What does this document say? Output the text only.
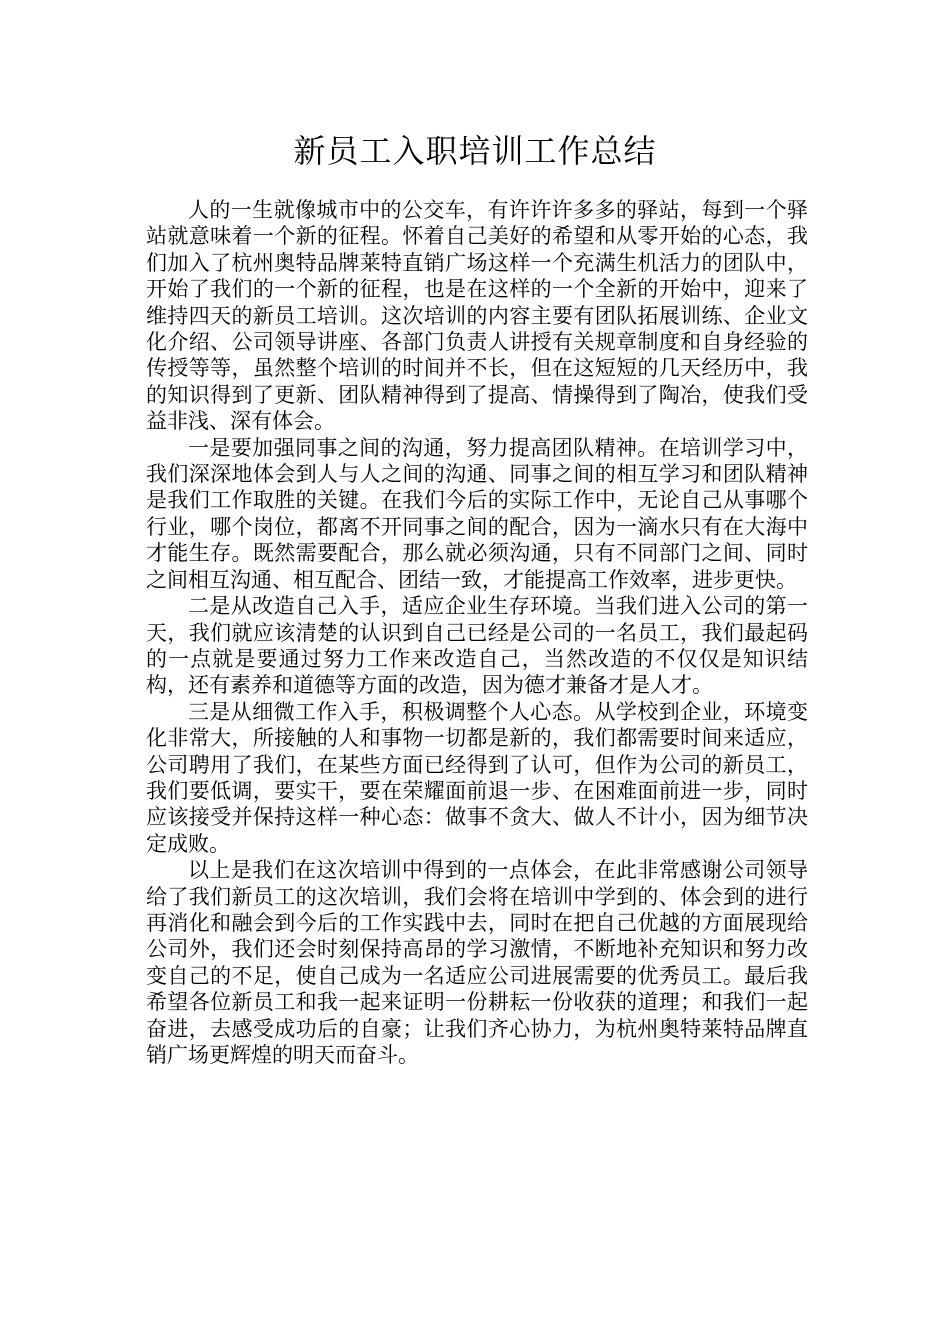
新员工入职培训工作总结

人的一生就像城市中的公交车，有许许许多多的驿站，每到一个驿站就意味着一个新的征程。怀着自己美好的希望和从零开始的心态，我们加入了杭州奥特品牌莱特直销广场这样一个充满生机活力的团队中，开始了我们的一个新的征程，也是在这样的一个全新的开始中，迎来了维持四天的新员工培训。这次培训的内容主要有团队拓展训练、企业文化介绍、公司领导讲座、各部门负责人讲授有关规章制度和自身经验的传授等等，虽然整个培训的时间并不长，但在这短短的几天经历中，我的知识得到了更新、团队精神得到了提高、情操得到了陶冶，使我们受益非浅、深有体会。

一是要加强同事之间的沟通，努力提高团队精神。在培训学习中，我们深深地体会到人与人之间的沟通、同事之间的相互学习和团队精神是我们工作取胜的关键。在我们今后的实际工作中，无论自己从事哪个行业，哪个岗位，都离不开同事之间的配合，因为一滴水只有在大海中才能生存。既然需要配合，那么就必须沟通，只有不同部门之间、同时之间相互沟通、相互配合、团结一致，才能提高工作效率，进步更快。

二是从改造自己入手，适应企业生存环境。当我们进入公司的第一天，我们就应该清楚的认识到自己已经是公司的一名员工，我们最起码的一点就是要通过努力工作来改造自己，当然改造的不仅仅是知识结构，还有素养和道德等方面的改造，因为德才兼备才是人才。

三是从细微工作入手，积极调整个人心态。从学校到企业，环境变化非常大，所接触的人和事物一切都是新的，我们都需要时间来适应，公司聘用了我们，在某些方面已经得到了认可，但作为公司的新员工，我们要低调，要实干，要在荣耀面前退一步、在困难面前进一步，同时应该接受并保持这样一种心态：做事不贪大、做人不计小，因为细节决定成败。

以上是我们在这次培训中得到的一点体会，在此非常感谢公司领导给了我们新员工的这次培训，我们会将在培训中学到的、体会到的进行再消化和融会到今后的工作实践中去，同时在把自己优越的方面展现给公司外，我们还会时刻保持高昂的学习激情，不断地补充知识和努力改变自己的不足，使自己成为一名适应公司进展需要的优秀员工。最后我希望各位新员工和我一起来证明一份耕耘一份收获的道理；和我们一起奋进，去感受成功后的自豪；让我们齐心协力，为杭州奥特莱特品牌直销广场更辉煌的明天而奋斗。
